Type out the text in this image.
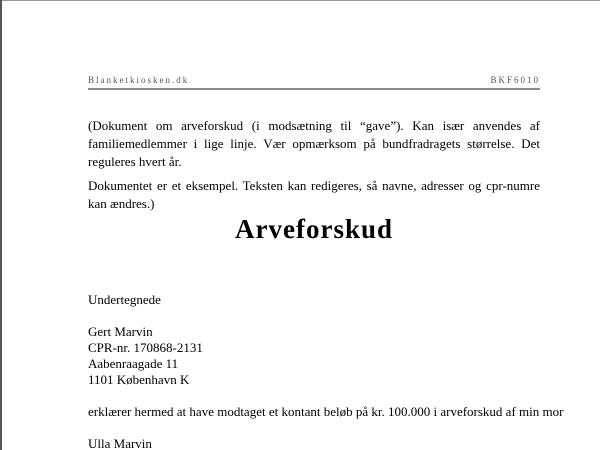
Blanketkiosken.dk	BKF6010

(Dokument om arveforskud (i modsætning til “gave”). Kan især anvendes af familiemedlemmer i lige linje. Vær opmærksom på bundfradragets størrelse. Det reguleres hvert år.

Dokumentet er et eksempel. Teksten kan redigeres, så navne, adresser og cpr-numre kan ændres.)

Arveforskud
Undertegnede
Gert Marvin
CPR-nr. 170868-2131
Aabenraagade 11
1101 København K
erklærer hermed at have modtaget et kontant beløb på kr. 100.000 i arveforskud af min mor
Ulla Marvin
